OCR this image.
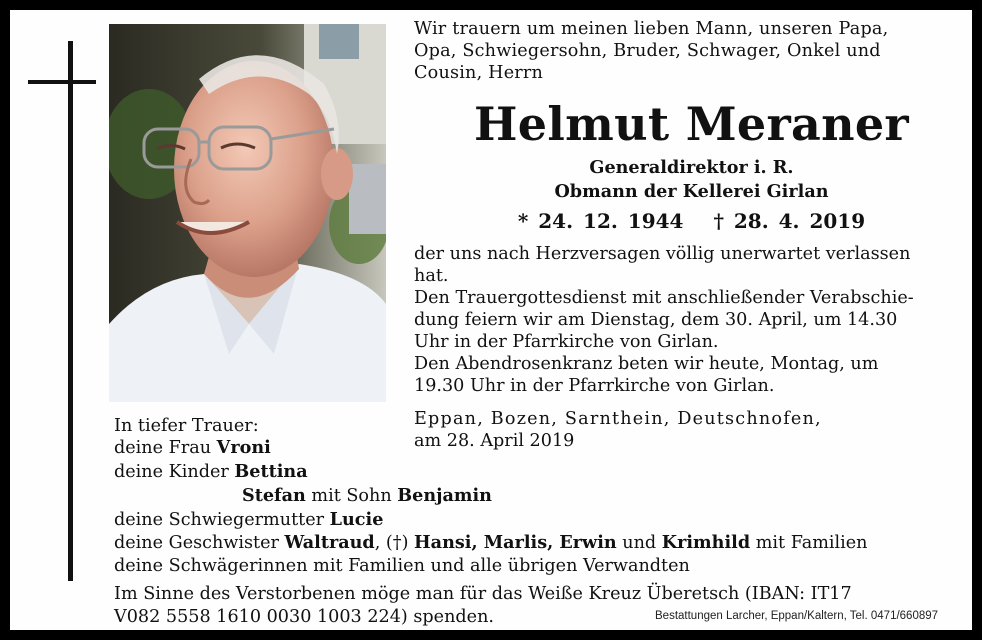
Wir trauern um meinen lieben Mann, unseren Papa,
Opa, Schwiegersohn, Bruder, Schwager, Onkel und
Cousin, Herrn
Helmut Meraner
Generaldirektor i. R.
Obmann der Kellerei Girlan
* 24. 12. 1944 † 28. 4. 2019
der uns nach Herzversagen völlig unerwartet verlassen
hat.
Den Trauergottesdienst mit anschließender Verabschie-
dung feiern wir am Dienstag, dem 30. April, um 14.30
Uhr in der Pfarrkirche von Girlan.
Den Abendrosenkranz beten wir heute, Montag, um
19.30 Uhr in der Pfarrkirche von Girlan.
Eppan, Bozen, Sarnthein, Deutschnofen,
am 28. April 2019
In tiefer Trauer:
deine Frau Vroni
deine Kinder Bettina
Stefan mit Sohn Benjamin
deine Schwiegermutter Lucie
deine Geschwister Waltraud, (†) Hansi, Marlis, Erwin und Krimhild mit Familien
deine Schwägerinnen mit Familien und alle übrigen Verwandten
Im Sinne des Verstorbenen möge man für das Weiße Kreuz Überetsch (IBAN: IT17
V082 5558 1610 0030 1003 224) spenden.	Bestattungen Larcher, Eppan/Kaltern, Tel. 0471/660897
